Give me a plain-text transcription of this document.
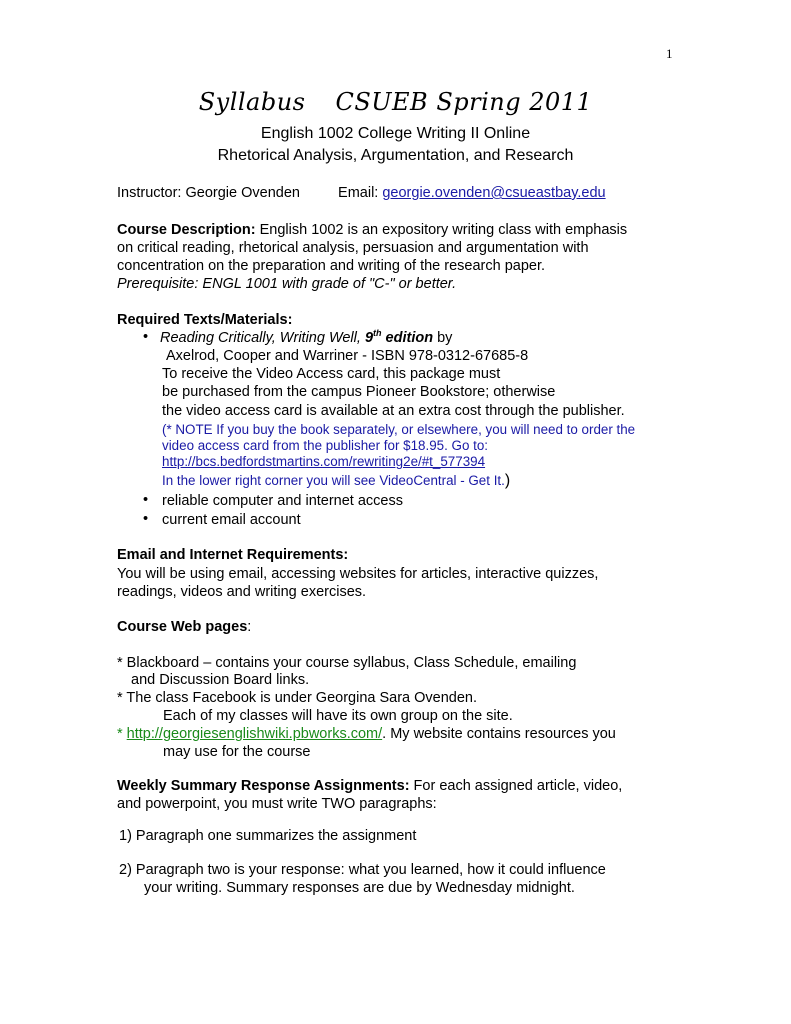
1
Syllabus CSUEB Spring 2011
English 1002 College Writing II Online
Rhetorical Analysis, Argumentation, and Research
Instructor: Georgie Ovenden	Email: georgie.ovenden@csueastbay.edu
Course Description: English 1002 is an expository writing class with emphasis
on critical reading, rhetorical analysis, persuasion and argumentation with
concentration on the preparation and writing of the research paper.
Prerequisite: ENGL 1001 with grade of "C-" or better.
Required Texts/Materials:
• Reading Critically, Writing Well, 9th edition by
Axelrod, Cooper and Warriner - ISBN 978-0312-67685-8
To receive the Video Access card, this package must
be purchased from the campus Pioneer Bookstore; otherwise
the video access card is available at an extra cost through the publisher.
(* NOTE If you buy the book separately, or elsewhere, you will need to order the
video access card from the publisher for $18.95. Go to:
http://bcs.bedfordstmartins.com/rewriting2e/#t_577394
In the lower right corner you will see VideoCentral - Get It.)
• reliable computer and internet access
• current email account
Email and Internet Requirements:
You will be using email, accessing websites for articles, interactive quizzes,
readings, videos and writing exercises.
Course Web pages:
* Blackboard – contains your course syllabus, Class Schedule, emailing
and Discussion Board links.
* The class Facebook is under Georgina Sara Ovenden.
Each of my classes will have its own group on the site.
* http://georgiesenglishwiki.pbworks.com/. My website contains resources you
may use for the course
Weekly Summary Response Assignments: For each assigned article, video,
and powerpoint, you must write TWO paragraphs:
1) Paragraph one summarizes the assignment
2) Paragraph two is your response: what you learned, how it could influence
your writing. Summary responses are due by Wednesday midnight.
